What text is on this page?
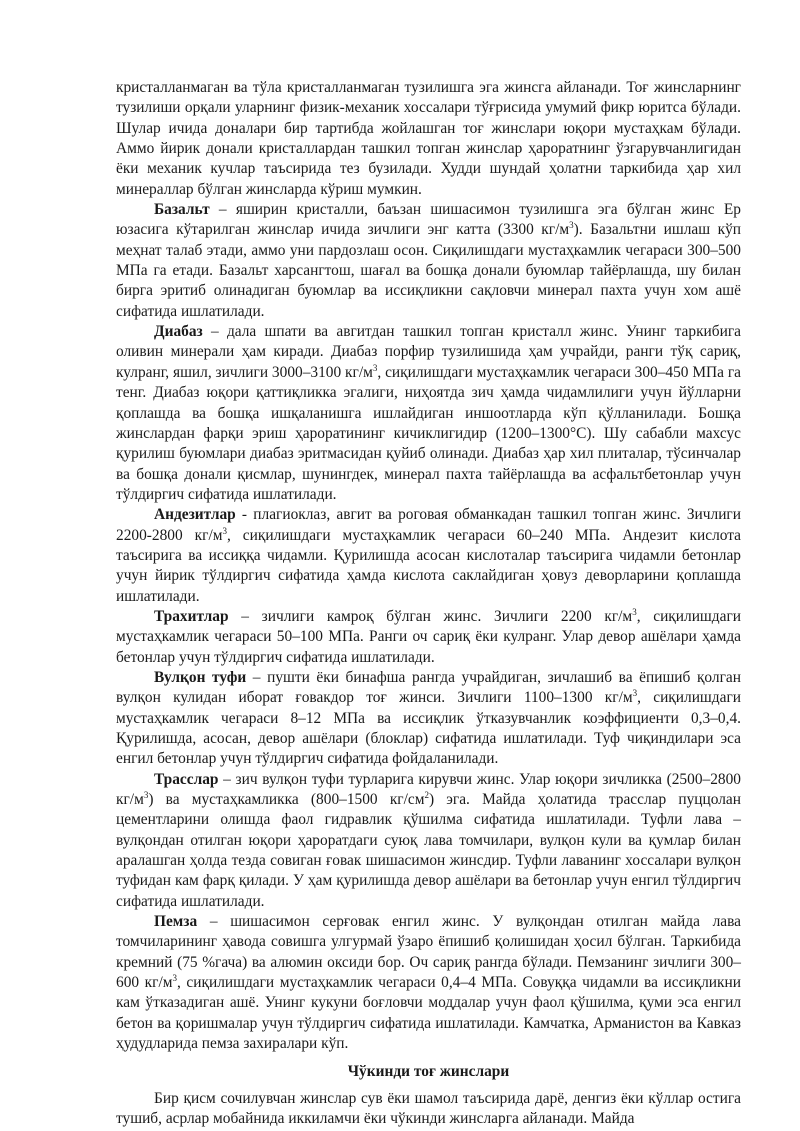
кристалланмаган ва тўла кристалланмаган тузилишга эга жинсга айланади. Тоғ жинсларнинг тузилиши орқали уларнинг физик-механик хоссалари тўғрисида умумий фикр юритса бўлади. Шулар ичида доналари бир тартибда жойлашган тоғ жинслари юқори мустаҳкам бўлади. Аммо йирик донали кристаллардан ташкил топган жинслар ҳароратнинг ўзгарувчанлигидан ёки механик кучлар таъсирида тез бузилади. Худди шундай ҳолатни таркибида ҳар хил минераллар бўлган жинсларда кўриш мумкин.

Базальт – яширин кристалли, баъзан шишасимон тузилишга эга бўлган жинс Ер юзасига кўтарилган жинслар ичида зичлиги энг катта (3300 $кг/м^3$). Базальтни ишлаш кўп меҳнат талаб этади, аммо уни пардозлаш осон. Сиқилишдаги мустаҳкамлик чегараси 300–500 МПа га етади. Базальт харсангтош, шағал ва бошқа донали буюмлар тайёрлашда, шу билан бирга эритиб олинадиган буюмлар ва иссиқликни сақловчи минерал пахта учун хом ашё сифатида ишлатилади.

Диабаз – дала шпати ва авгитдан ташкил топган кристалл жинс. Унинг таркибига оливин минерали ҳам киради. Диабаз порфир тузилишида ҳам учрайди, ранги тўқ сариқ, кулранг, яшил, зичлиги 3000–3100 $кг/м^3$, сиқилишдаги мустаҳкамлик чегараси 300–450 МПа га тенг. Диабаз юқори қаттиқликка эгалиги, ниҳоятда зич ҳамда чидамлилиги учун йўлларни қоплашда ва бошқа ишқаланишга ишлайдиган иншоотларда кўп қўлланилади. Бошқа жинслардан фарқи эриш ҳароратининг кичиклигидир (1200–1300°С). Шу сабабли махсус қурилиш буюмлари диабаз эритмасидан қуйиб олинади. Диабаз ҳар хил плиталар, тўсинчалар ва бошқа донали қисмлар, шунингдек, минерал пахта тайёрлашда ва асфальтбетонлар учун тўлдиргич сифатида ишлатилади.

Андезитлар - плагиоклаз, авгит ва роговая обманкадан ташкил топган жинс. Зичлиги 2200-2800 $кг/м^3$, сиқилишдаги мустаҳкамлик чегараси 60–240 МПа. Андезит кислота таъсирига ва иссиққа чидамли. Қурилишда асосан кислоталар таъсирига чидамли бетонлар учун йирик тўлдиргич сифатида ҳамда кислота саклайдиган ҳовуз деворларини қоплашда ишлатилади.

Трахитлар – зичлиги камроқ бўлган жинс. Зичлиги 2200 $кг/м^3$, сиқилишдаги мустаҳкамлик чегараси 50–100 МПа. Ранги оч сариқ ёки кулранг. Улар девор ашёлари ҳамда бетонлар учун тўлдиргич сифатида ишлатилади.

Вулқон туфи – пушти ёки бинафша рангда учрайдиган, зичлашиб ва ёпишиб қолган вулқон кулидан иборат ғовакдор тоғ жинси. Зичлиги 1100–1300 $кг/м^3$, сиқилишдаги мустаҳкамлик чегараси 8–12 МПа ва иссиқлик ўтказувчанлик коэффициенти 0,3–0,4. Қурилишда, асосан, девор ашёлари (блоклар) сифатида ишлатилади. Туф чиқиндилари эса енгил бетонлар учун тўлдиргич сифатида фойдаланилади.

Трасслар – зич вулқон туфи турларига кирувчи жинс. Улар юқори зичликка (2500–2800 $кг/м^3$) ва мустаҳкамликка (800–1500 $кг/см^2$) эга. Майда ҳолатида трасслар пуццолан цементларини олишда фаол гидравлик қўшилма сифатида ишлатилади. Туфли лава – вулқондан отилган юқори ҳароратдаги суюқ лава томчилари, вулқон кули ва қумлар билан аралашган ҳолда тезда совиган ғовак шишасимон жинсдир. Туфли лаванинг хоссалари вулқон туфидан кам фарқ қилади. У ҳам қурилишда девор ашёлари ва бетонлар учун енгил тўлдиргич сифатида ишлатилади.

Пемза – шишасимон серғовак енгил жинс. У вулқондан отилган майда лава томчиларининг ҳавода совишга улгурмай ўзаро ёпишиб қолишидан ҳосил бўлган. Таркибида кремний (75 %гача) ва алюмин оксиди бор. Оч сариқ рангда бўлади. Пемзанинг зичлиги 300–600 $кг/м^3$, сиқилишдаги мустаҳкамлик чегараси 0,4–4 МПа. Совуққа чидамли ва иссиқликни кам ўтказадиган ашё. Унинг кукуни боғловчи моддалар учун фаол қўшилма, қуми эса енгил бетон ва қоришмалар учун тўлдиргич сифатида ишлатилади. Камчатка, Арманистон ва Кавказ ҳудудларида пемза захиралари кўп.

Чўкинди тоғ жинслари

Бир қисм сочилувчан жинслар сув ёки шамол таъсирида дарё, денгиз ёки кўллар остига тушиб, асрлар мобайнида иккиламчи ёки чўкинди жинсларга айланади. Майда
